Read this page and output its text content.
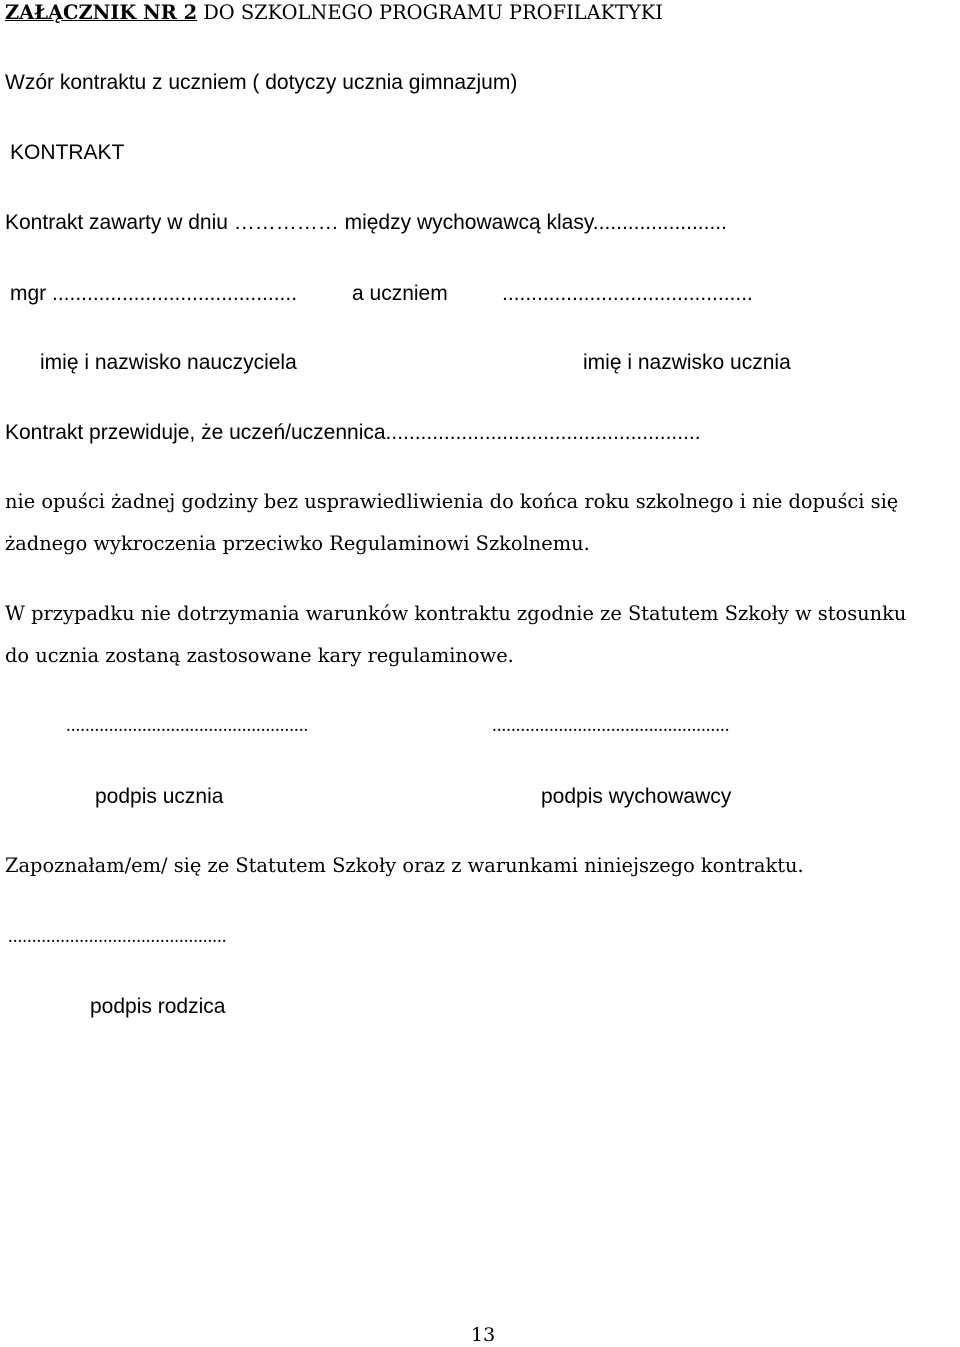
ZAŁĄCZNIK NR 2 DO SZKOLNEGO PROGRAMU PROFILAKTYKI
Wzór kontraktu z uczniem ( dotyczy ucznia gimnazjum)
KONTRAKT
Kontrakt zawarty w dniu …………… między wychowawcą klasy.......................
mgr ..........................................	a uczniem	...........................................
imię i nazwisko nauczyciela	imię i nazwisko ucznia
Kontrakt przewiduje, że uczeń/uczennica......................................................
nie opuści żadnej godziny bez usprawiedliwienia do końca roku szkolnego i nie dopuści się
żadnego wykroczenia przeciwko Regulaminowi Szkolnemu.
W przypadku nie dotrzymania warunków kontraktu zgodnie ze Statutem Szkoły w stosunku
do ucznia zostaną zastosowane kary regulaminowe.
...................................................	..................................................
podpis ucznia	podpis wychowawcy
Zapoznałam/em/ się ze Statutem Szkoły oraz z warunkami niniejszego kontraktu.
..............................................
podpis rodzica
13
